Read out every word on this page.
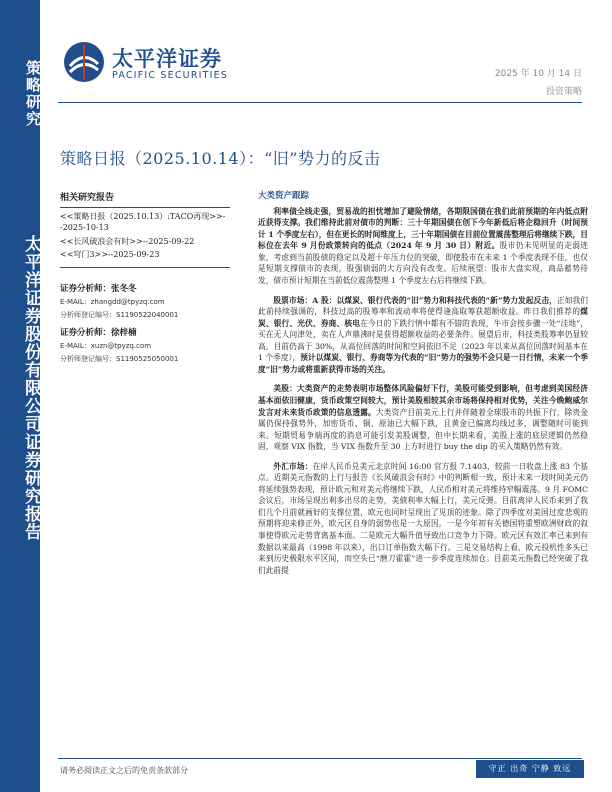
策略研究
太平洋证券股份有限公司证券研究报告
太平洋证券
PACIFIC SECURITIES	2025 年 10 月 14 日
投资策略
策略日报（2025.10.14）：“旧”势力的反击
相关研究报告
<<策略日报（2025.10.13）:TACO再现>>--2025-10-13
<<长风破浪会有时>>--2025-09-22
<<穹门3>>--2025-09-23
证券分析师：张冬冬
E-MAIL：zhangdd@tpyzq.com
分析师登记编号：S1190522040001
证券分析师：徐梓楠
E-MAIL：xuzn@tpyzq.com
分析师登记编号：S1190525050001
大类资产跟踪

利率债全线走强，贸易战的担忧增加了避险情绪，各期限国债在我们此前预期的年内低点附近获得支撑。我们维持此前对债市的判断：三十年期国债在创下今年新低后将企稳回升（时间预计 1 个季度左右），但在更长的时间维度上，三十年期国债在目前位置震荡整理后将继续下跌，目标位在去年 9 月份政策转向的低点（2024 年 9 月 30 日）附近。股市仍未见明显的走弱迹象，考虑到当前股债的稳定以及超十年压力位的突破，即使股市在未来 1 个季度表现不佳，也仅是短期支撑债市的表现，股强债弱的大方向没有改变。后续展望：股市大盘实现，商品蓄势待发，债市预计短期在当前低位震荡整理 1 个季度左右后将继续下跌。

股票市场：A 股：以煤炭、银行代表的“旧”势力和科技代表的“新”势力发起反击，正如我们此前持续强调的，科技过高的股筹率和波动率将使得逢高取筹获超额收益。昨日我们推荐的煤炭、银行、光伏、券商、核电在今日的下跌行情中都有不错的表现，牛市会按步骤一处“洼地”，买在无人问津处，卖在人声鼎沸时是获得超额收益的必要条件。展望后市，科技类股筹率仍显较高，目前仍高于 30%，从高位回落的时间和空间依旧不足（2023 年以来从高位回落时间基本在 1 个季度），预计以煤炭、银行、券商等为代表的“旧”势力的强势不会只是一日行情，未来一个季度“旧”势力或将重新获得市场的关注。

美股：大类资产的走势表明市场整体风险偏好下行，美股可能受到影响，但考虑到美国经济基本面依旧健康，货币政策空间较大，预计美股相较其余市场将保持相对优势，关注今晚鲍威尔发言对未来货币政策的信息透露。大类资产目前美元上行并伴随着全球股市的共振下行，除贵金属仍保持强势外，加密货币、铜、原油已大幅下跌，且黄金已偏离均线过多，调整随时可能到来。短期贸易争端再度的消息可能引发美股调整，但中长期来看，美股上涨的底层逻辑仍然稳固，观察 VIX 指数，当 VIX 指数升至 30 上方时进行 buy the dip 的买入策略仍然有效。

外汇市场：在岸人民币兑美元北京时间 16:00 官方报 7.1403，较前一日收盘上涨 83 个基点。近期美元指数的上行与报告《长风破浪会有时》中的判断相一致，预计未来一段时间美元仍将延续强势表现，预计欧元和对美元将继续下跌，人民币相对美元将维持窄幅震荡。9 月 FOMC 会议后，市场呈现出利多出尽的走势，美债利率大幅上行，美元反弹。目前离岸人民币来到了我们几个月前就画好的支撑位置，欧元也同时呈现出了见顶的迹象。除了四季度对美国过度悲观的预期将迎来修正外，欧元区自身的弱势也是一大原因。一是今年初有关德国将重塑欧洲财政的叙事使得欧元走势背离基本面。二是欧元大幅升值导致出口竞争力下降。欧元区有效汇率已来到有数据以来最高（1998 年以来），出口订单指数大幅下行。三是交易结构上看，欧元投机性多头已来到历史极限水平区间，而空头已“磨刀霍霍”进一步季度连续加仓。目前美元指数已经突破了我们此前提

请务必阅读正文之后的免责条款部分	守正 出奇 宁静 致远
